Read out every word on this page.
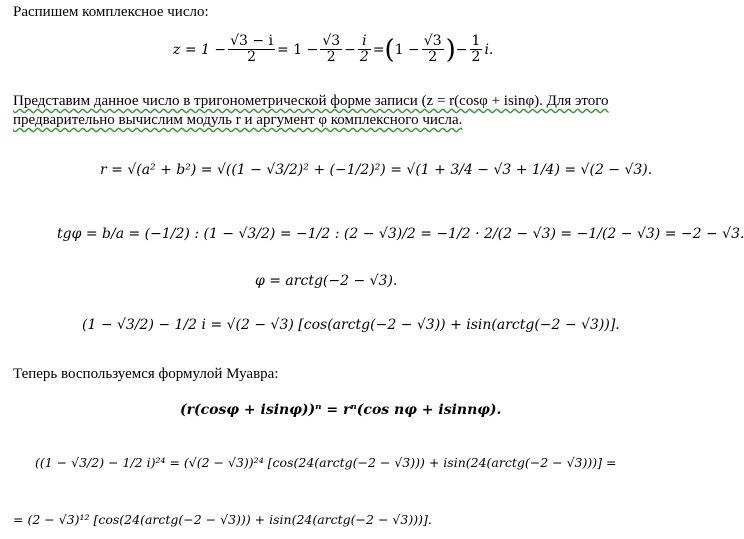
Распишем комплексное число:
$z = 1 - \frac{√3 - i}{2} = 1 - \frac{√3}{2} - \frac{i}{2}$ = ( $1 - \frac{√3}{2}$ ) − $\frac{1}{2} i$.
Представим данное число в тригонометрической форме записи (z = r(cosφ + isinφ). Для этого
предварительно вычислим модуль r и аргумент φ комплексного числа.
r = √(a² + b²) = √((1 − √3/2)² + (−1/2)²) = √(1 + 3/4 − √3 + 1/4) = √(2 − √3).
tgφ = b/a = (−1/2) : (1 − √3/2) = −1/2 : (2 − √3)/2 = −1/2 · 2/(2 − √3) = −1/(2 − √3) = −2 − √3.
φ = arctg(−2 − √3).
(1 − √3/2) − 1/2 i = √(2 − √3) [cos(arctg(−2 − √3)) + isin(arctg(−2 − √3))].
Теперь воспользуемся формулой Муавра:
(r(cosφ + isinφ))ⁿ = rⁿ(cos nφ + isinnφ).
((1 − √3/2) − 1/2 i)²⁴ = (√(2 − √3))²⁴ [cos(24(arctg(−2 − √3))) + isin(24(arctg(−2 − √3)))] =
= (2 − √3)¹² [cos(24(arctg(−2 − √3))) + isin(24(arctg(−2 − √3)))].
